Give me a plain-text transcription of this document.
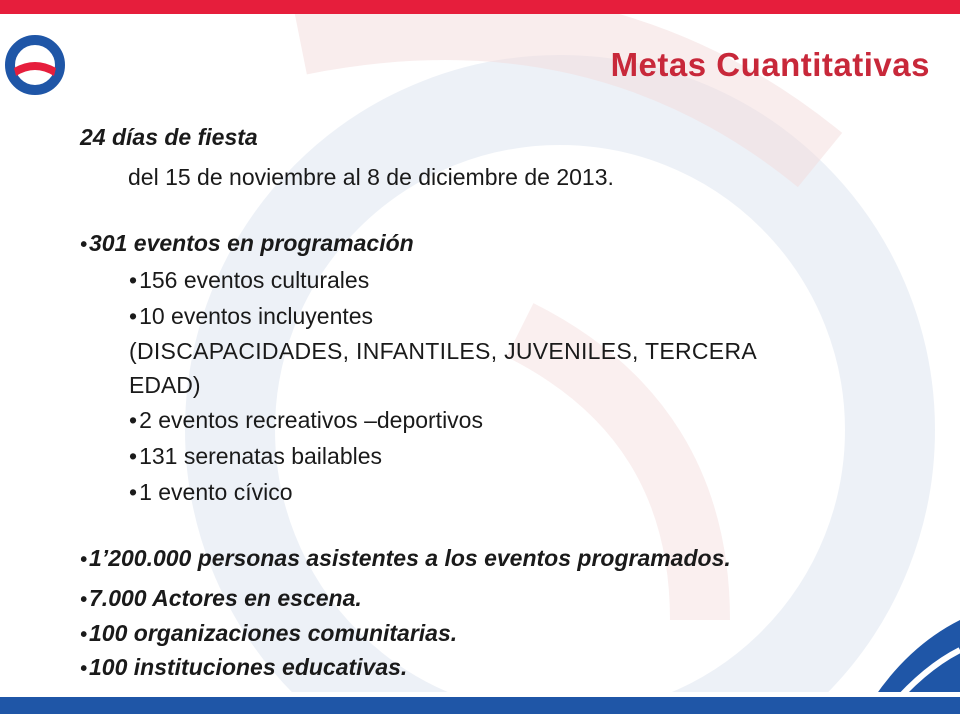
Metas Cuantitativas
24 días de fiesta
del 15 de noviembre al 8 de diciembre de 2013.
•301 eventos en programación
•156 eventos culturales
•10 eventos incluyentes
(DISCAPACIDADES, INFANTILES, JUVENILES, TERCERA
EDAD)
•2 eventos recreativos –deportivos
•131 serenatas bailables
•1 evento cívico
•1’200.000 personas asistentes a los eventos programados.
•7.000 Actores en escena.
•100 organizaciones comunitarias.
•100 instituciones educativas.
